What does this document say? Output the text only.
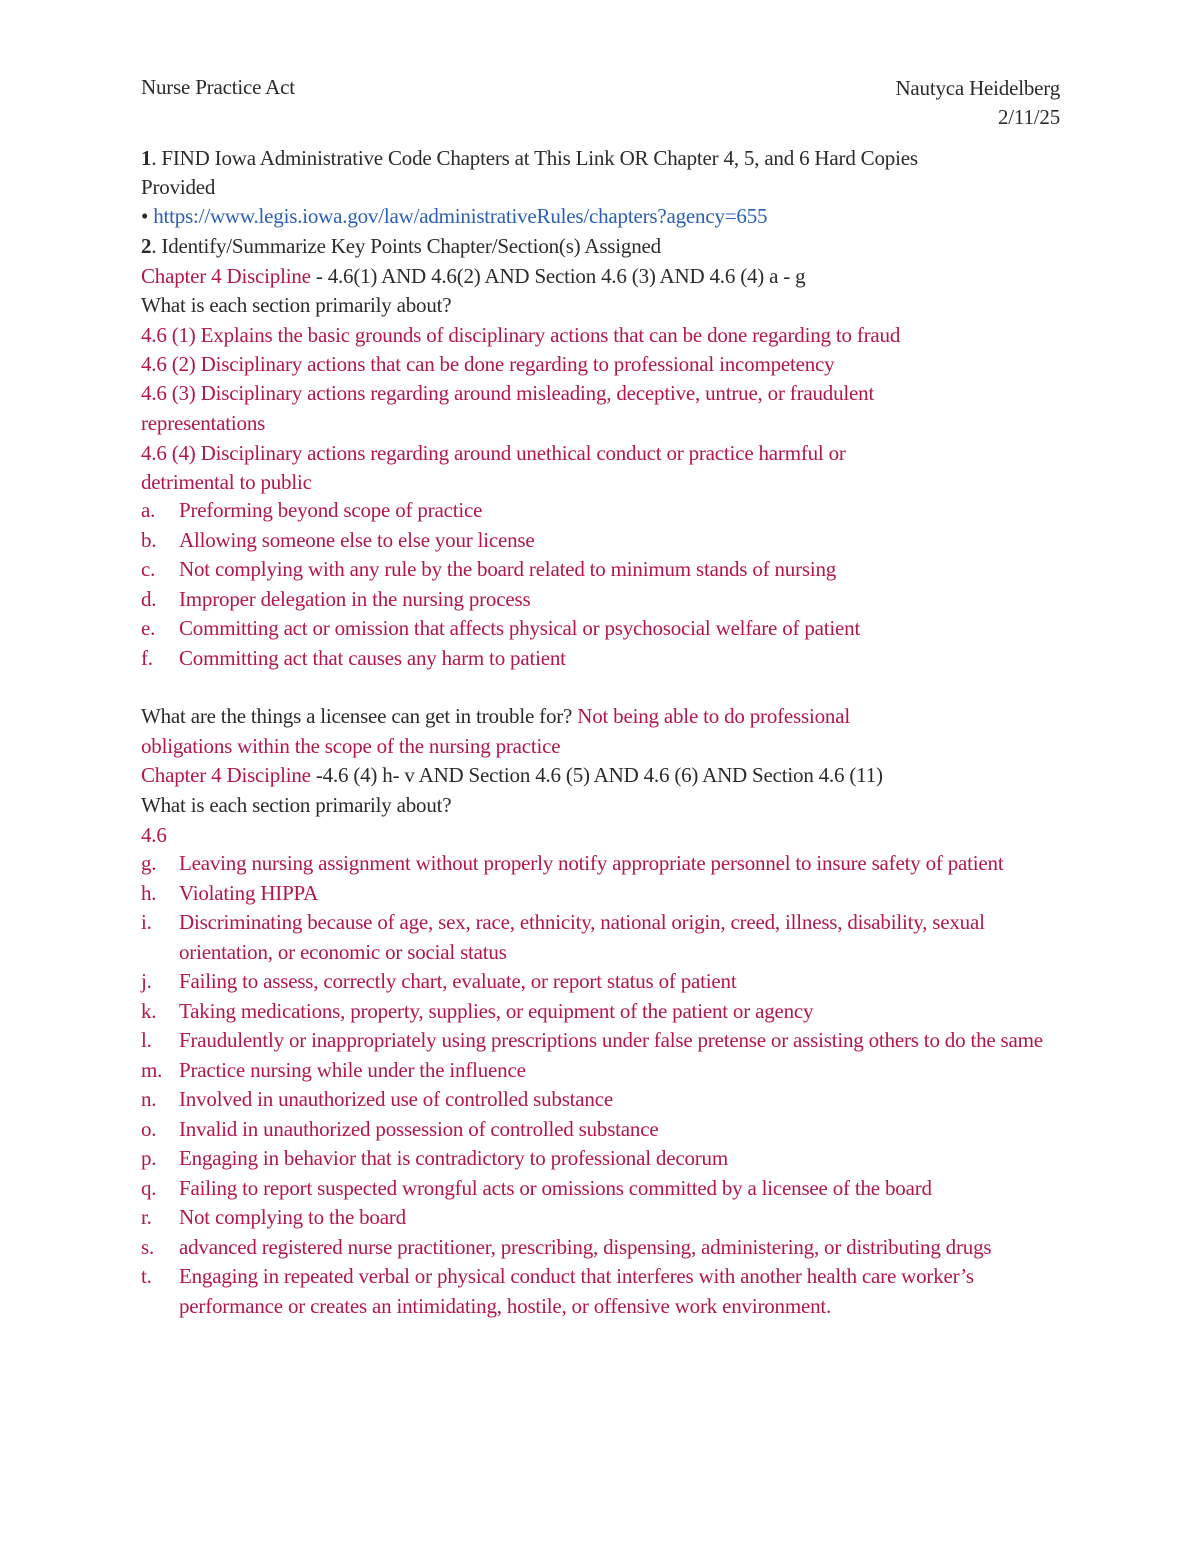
Nurse Practice Act	Nautyca Heidelberg
2/11/25
1. FIND Iowa Administrative Code Chapters at This Link OR Chapter 4, 5, and 6 Hard Copies
Provided
• https://www.legis.iowa.gov/law/administrativeRules/chapters?agency=655
2. Identify/Summarize Key Points Chapter/Section(s) Assigned
Chapter 4 Discipline - 4.6(1) AND 4.6(2) AND Section 4.6 (3) AND 4.6 (4) a - g
What is each section primarily about?
4.6 (1) Explains the basic grounds of disciplinary actions that can be done regarding to fraud
4.6 (2) Disciplinary actions that can be done regarding to professional incompetency
4.6 (3) Disciplinary actions regarding around misleading, deceptive, untrue, or fraudulent
representations
4.6 (4) Disciplinary actions regarding around unethical conduct or practice harmful or
detrimental to public
a. Preforming beyond scope of practice
b. Allowing someone else to else your license
c. Not complying with any rule by the board related to minimum stands of nursing
d. Improper delegation in the nursing process
e. Committing act or omission that affects physical or psychosocial welfare of patient
f. Committing act that causes any harm to patient
What are the things a licensee can get in trouble for? Not being able to do professional
obligations within the scope of the nursing practice
Chapter 4 Discipline -4.6 (4) h- v AND Section 4.6 (5) AND 4.6 (6) AND Section 4.6 (11)
What is each section primarily about?
4.6
g. Leaving nursing assignment without properly notify appropriate personnel to insure safety of patient
h. Violating HIPPA
i. Discriminating because of age, sex, race, ethnicity, national origin, creed, illness, disability, sexual orientation, or economic or social status
j. Failing to assess, correctly chart, evaluate, or report status of patient
k. Taking medications, property, supplies, or equipment of the patient or agency
l. Fraudulently or inappropriately using prescriptions under false pretense or assisting others to do the same
m. Practice nursing while under the influence
n. Involved in unauthorized use of controlled substance
o. Invalid in unauthorized possession of controlled substance
p. Engaging in behavior that is contradictory to professional decorum
q. Failing to report suspected wrongful acts or omissions committed by a licensee of the board
r. Not complying to the board
s. advanced registered nurse practitioner, prescribing, dispensing, administering, or distributing drugs
t. Engaging in repeated verbal or physical conduct that interferes with another health care worker’s performance or creates an intimidating, hostile, or offensive work environment.
